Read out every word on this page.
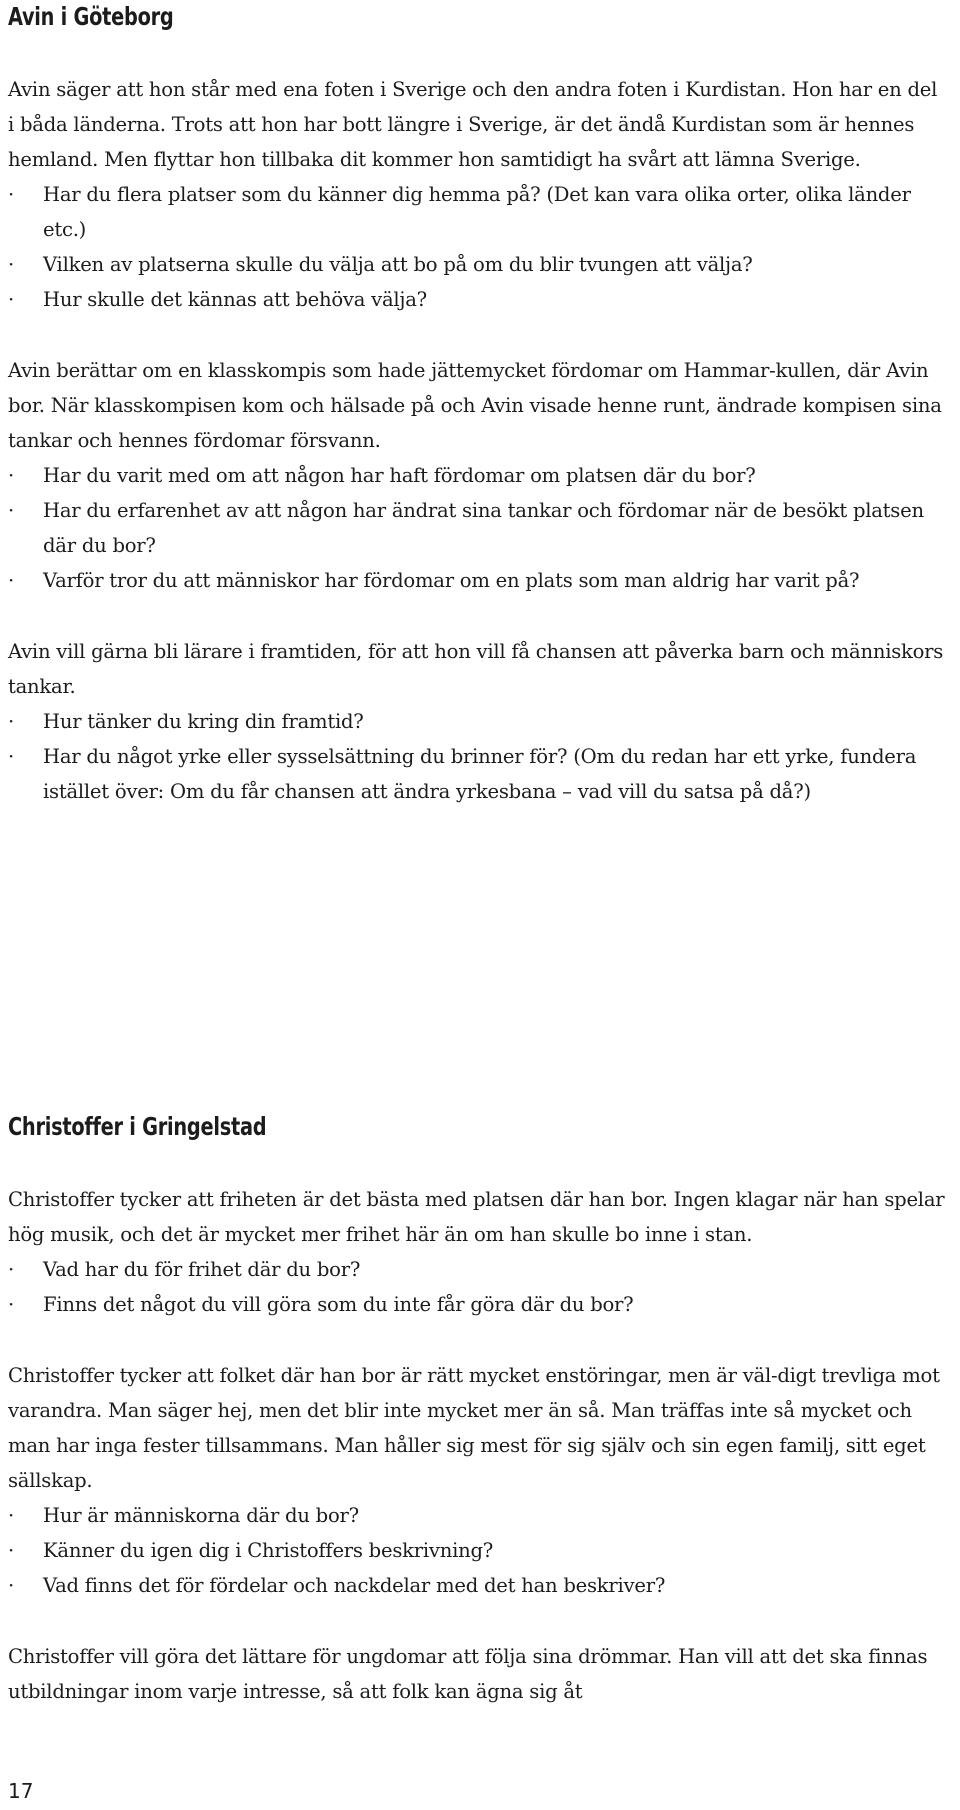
Avin i Göteborg

Avin säger att hon står med ena foten i Sverige och den andra foten i Kurdistan. Hon har en del i båda länderna. Trots att hon har bott längre i Sverige, är det ändå Kurdistan som är hennes hemland. Men flyttar hon tillbaka dit kommer hon samtidigt ha svårt att lämna Sverige.

·	Har du flera platser som du känner dig hemma på? (Det kan vara olika orter, olika länder etc.)
·	Vilken av platserna skulle du välja att bo på om du blir tvungen att välja?
·	Hur skulle det kännas att behöva välja?

Avin berättar om en klasskompis som hade jättemycket fördomar om Hammar-kullen, där Avin bor. När klasskompisen kom och hälsade på och Avin visade henne runt, ändrade kompisen sina tankar och hennes fördomar försvann.

·	Har du varit med om att någon har haft fördomar om platsen där du bor?
·	Har du erfarenhet av att någon har ändrat sina tankar och fördomar när de besökt platsen där du bor?
·	Varför tror du att människor har fördomar om en plats som man aldrig har varit på?

Avin vill gärna bli lärare i framtiden, för att hon vill få chansen att påverka barn och människors tankar.

·	Hur tänker du kring din framtid?
·	Har du något yrke eller sysselsättning du brinner för? (Om du redan har ett yrke, fundera istället över: Om du får chansen att ändra yrkesbana – vad vill du satsa på då?)
Christoffer i Gringelstad

Christoffer tycker att friheten är det bästa med platsen där han bor. Ingen klagar när han spelar hög musik, och det är mycket mer frihet här än om han skulle bo inne i stan.

·	Vad har du för frihet där du bor?
·	Finns det något du vill göra som du inte får göra där du bor?

Christoffer tycker att folket där han bor är rätt mycket enstöringar, men är väl-digt trevliga mot varandra. Man säger hej, men det blir inte mycket mer än så. Man träffas inte så mycket och man har inga fester tillsammans. Man håller sig mest för sig själv och sin egen familj, sitt eget sällskap.

·	Hur är människorna där du bor?
·	Känner du igen dig i Christoffers beskrivning?
·	Vad finns det för fördelar och nackdelar med det han beskriver?

Christoffer vill göra det lättare för ungdomar att följa sina drömmar. Han vill att det ska finnas utbildningar inom varje intresse, så att folk kan ägna sig åt

17
